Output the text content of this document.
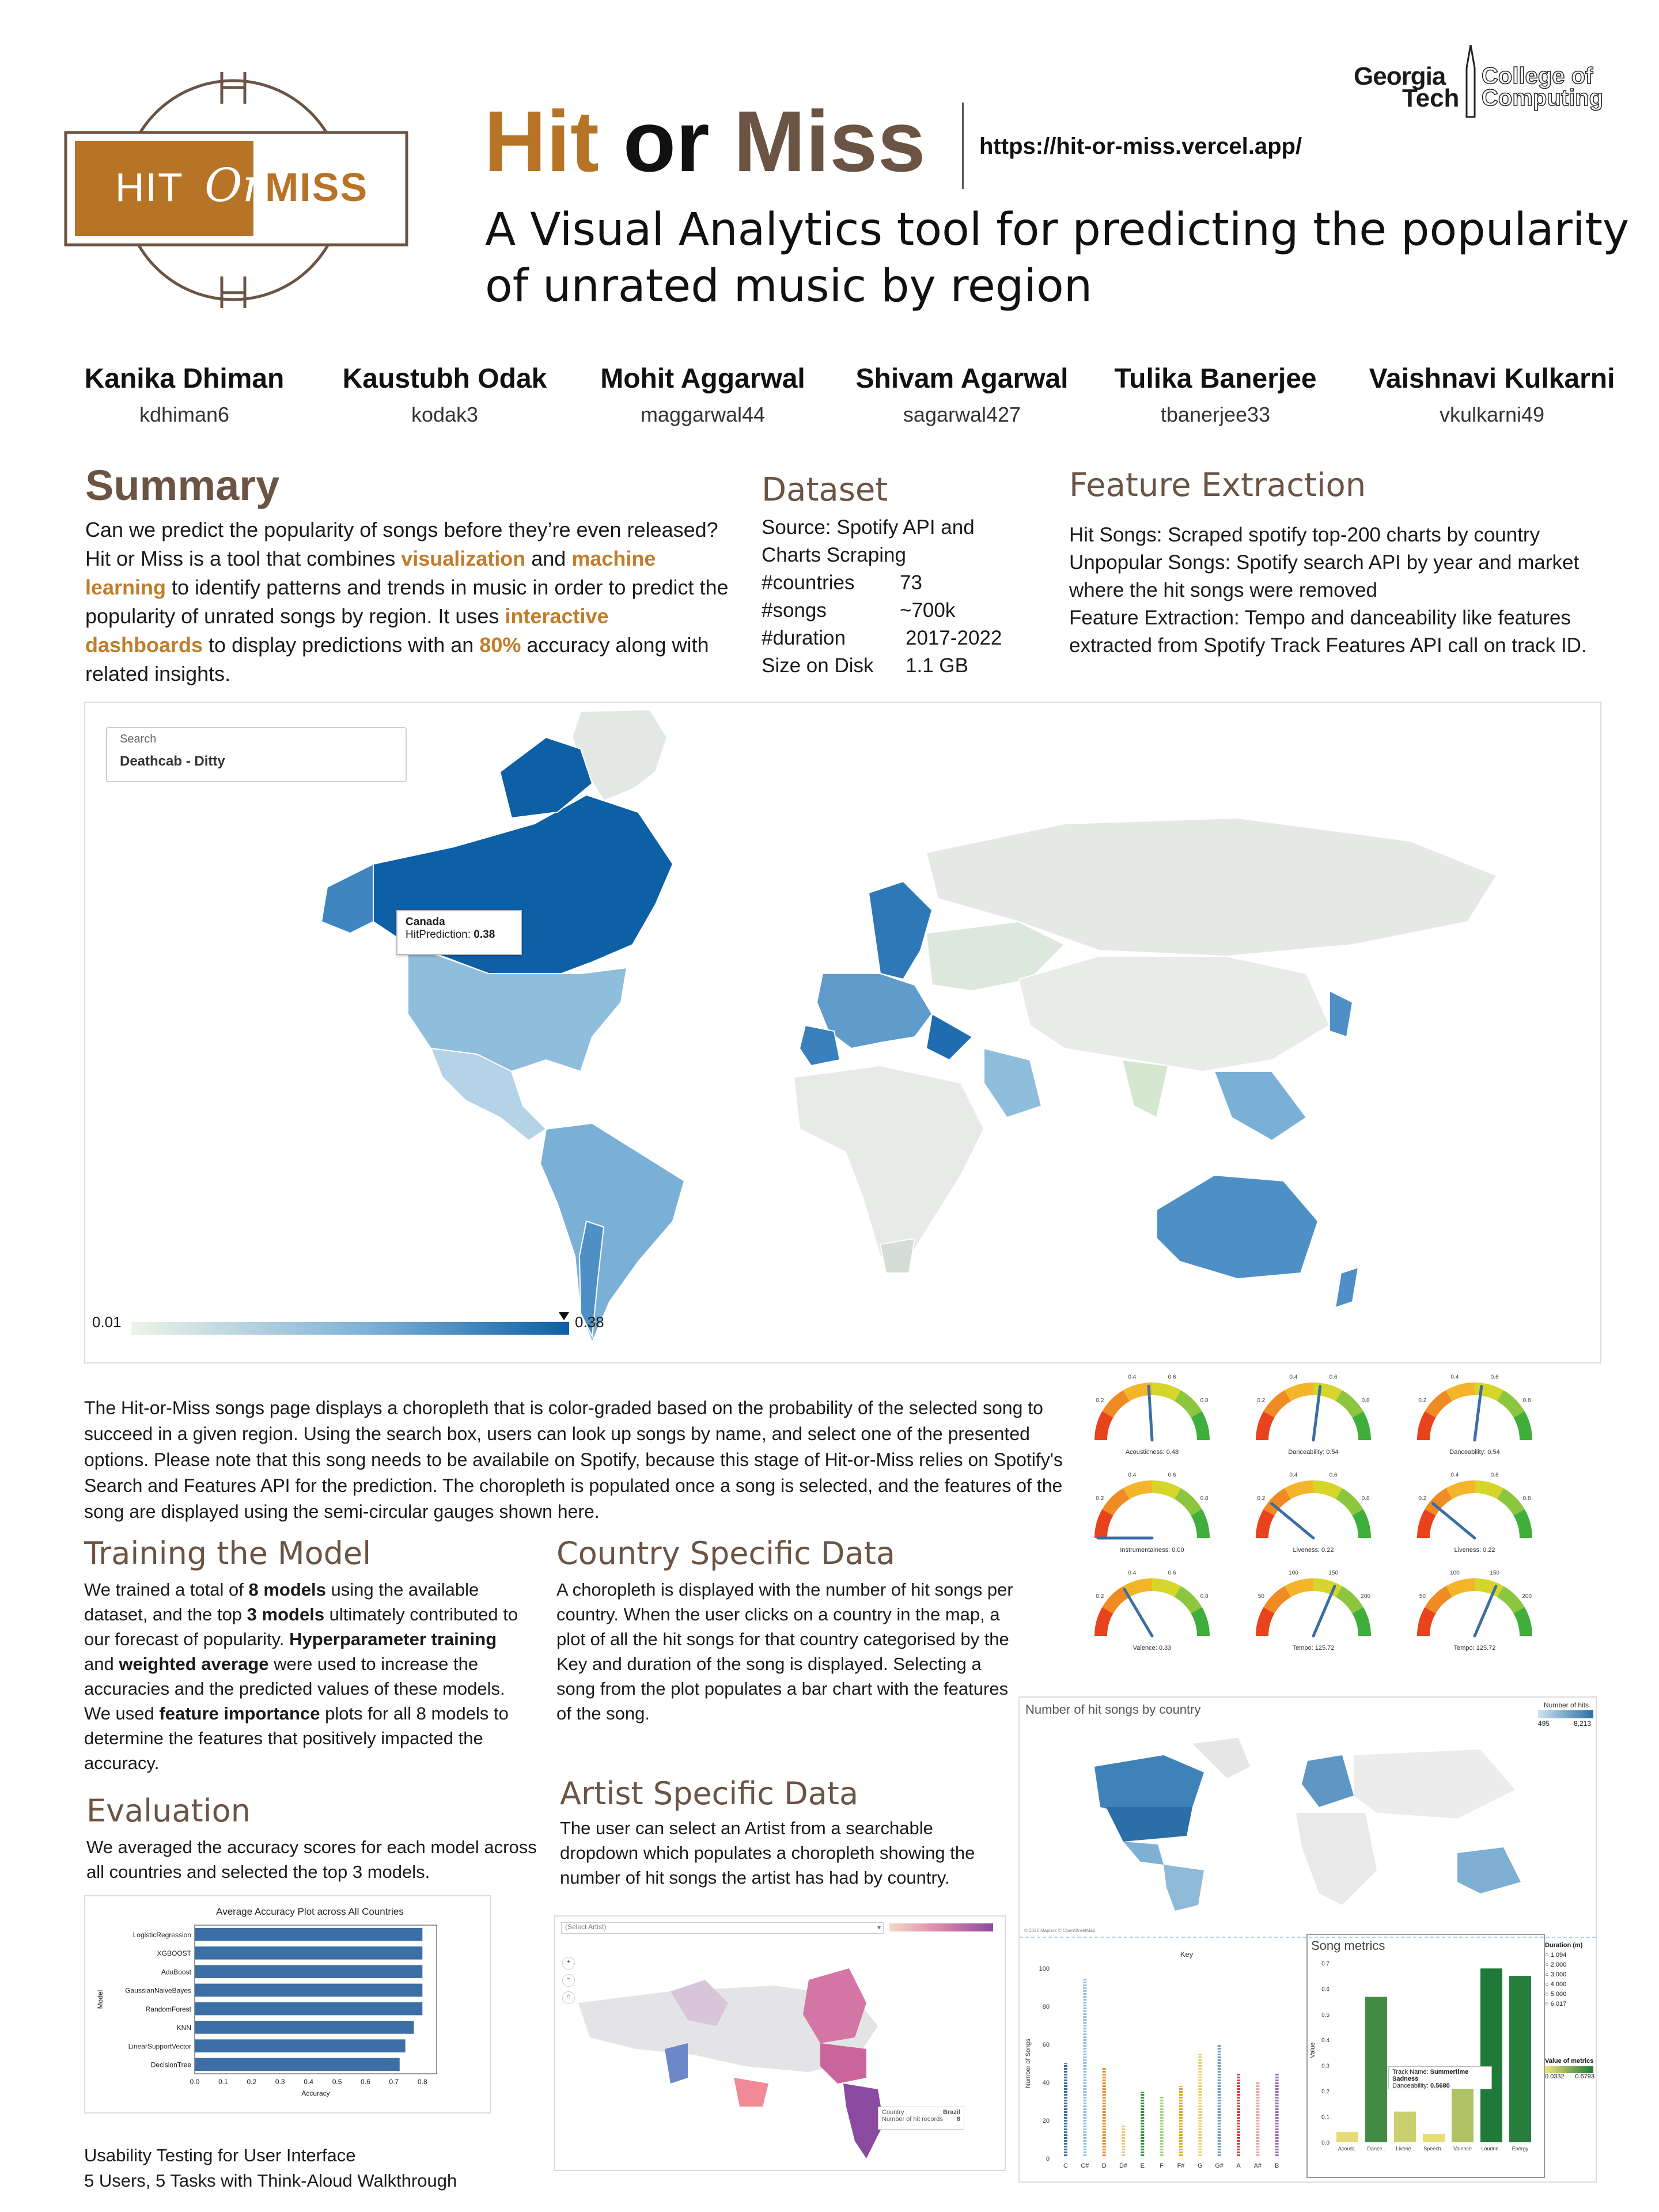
HIT Or MISS Hit or Miss https://hit-or-miss.vercel.app/
A Visual Analytics tool for predicting the popularity
of unrated music by region
Georgia
Tech
College of
Computing
Kanika Dhiman
kdhiman6
Kaustubh Odak
kodak3
Mohit Aggarwal
maggarwal44
Shivam Agarwal
sagarwal427
Tulika Banerjee
tbanerjee33
Vaishnavi Kulkarni
vkulkarni49
Summary
Can we predict the popularity of songs before they’re even released? Hit or Miss is a tool that combines visualization and machine learning to identify patterns and trends in music in order to predict the popularity of unrated songs by region. It uses interactive dashboards to display predictions with an 80% accuracy along with related insights.
Dataset
Source: Spotify API and Charts Scraping
#countries 73
#songs	~700k
#duration	2017-2022
Size on Disk 1.1 GB
Feature Extraction
Hit Songs: Scraped spotify top-200 charts by country
Unpopular Songs: Spotify search API by year and market where the hit songs were removed
Feature Extraction: Tempo and danceability like features extracted from Spotify Track Features API call on track ID.
Search
Deathcab - Ditty
Canada
HitPrediction: 0.38
0.01	0.38
The Hit-or-Miss songs page displays a choropleth that is color-graded based on the probability of the selected song to succeed in a given region. Using the search box, users can look up songs by name, and select one of the presented options. Please note that this song needs to be availabile on Spotify, because this stage of Hit-or-Miss relies on Spotify's Search and Features API for the prediction. The choropleth is populated once a song is selected, and the features of the song are displayed using the semi-circular gauges shown here.
0.2
0.4	0.6
0.8
Acousticness: 0.48
0.2
0.4	0.6
0.8
Danceability: 0.54
0.2
0.4	0.6
0.8
Danceability: 0.54
0.2
0.4	0.6
0.8
Instrumentalness: 0.00
0.2
0.4	0.6
0.8
Liveness: 0.22
0.2
0.4	0.6
0.8
Liveness: 0.22
0.2
0.4	0.6
0.8
Valence: 0.33
50
100	150
200
Tempo: 125.72
50
100	150
200
Tempo: 125.72
Training the Model
We trained a total of 8 models using the available dataset, and the top 3 models ultimately contributed to our forecast of popularity. Hyperparameter training and weighted average were used to increase the accuracies and the predicted values of these models. We used feature importance plots for all 8 models to determine the features that positively impacted the accuracy.
Evaluation
We averaged the accuracy scores for each model across all countries and selected the top 3 models.
Average Accuracy Plot across All Countries
LogisticRegression
XGBOOST
AdaBoost
GaussianNaiveBayes
RandomForest
KNN
LinearSupportVector
DecisionTree
0.0	0.1	0.2	0.3	0.4	0.5	0.6	0.7	0.8
Accuracy
Model
Usability Testing for User Interface
5 Users, 5 Tasks with Think-Aloud Walkthrough
Country Specific Data
A choropleth is displayed with the number of hit songs per country. When the user clicks on a country in the map, a plot of all the hit songs for that country categorised by the Key and duration of the song is displayed. Selecting a song from the plot populates a bar chart with the features of the song.
Artist Specific Data
The user can select an Artist from a searchable dropdown which populates a choropleth showing the number of hit songs the artist has had by country.
(Select Artist)	▾
+
−
⌂
Country	Brazil
Number of hit records 8
Number of hit songs by country	Number of hits
495	8,213
© 2022 Mapbox © OpenStreetMap
Key
Number of Songs
0
20
40
60
80
100
C C# D D# E F F# G G# A A# B
Song metrics
Value
0.0
0.1
0.2
0.3
0.4
0.5
0.6
0.7
Acoust.. Dance.. Livene.. Speech.. Valence Loudne.. Energy
Track Name: Summertime Sadness
Danceability: 0.5680
Duration (m)
○ 1.094
○ 2.000
○ 3.000
○ 4.000
○ 5.000
○ 6.017
Value of metrics
0.0332 0.6793
